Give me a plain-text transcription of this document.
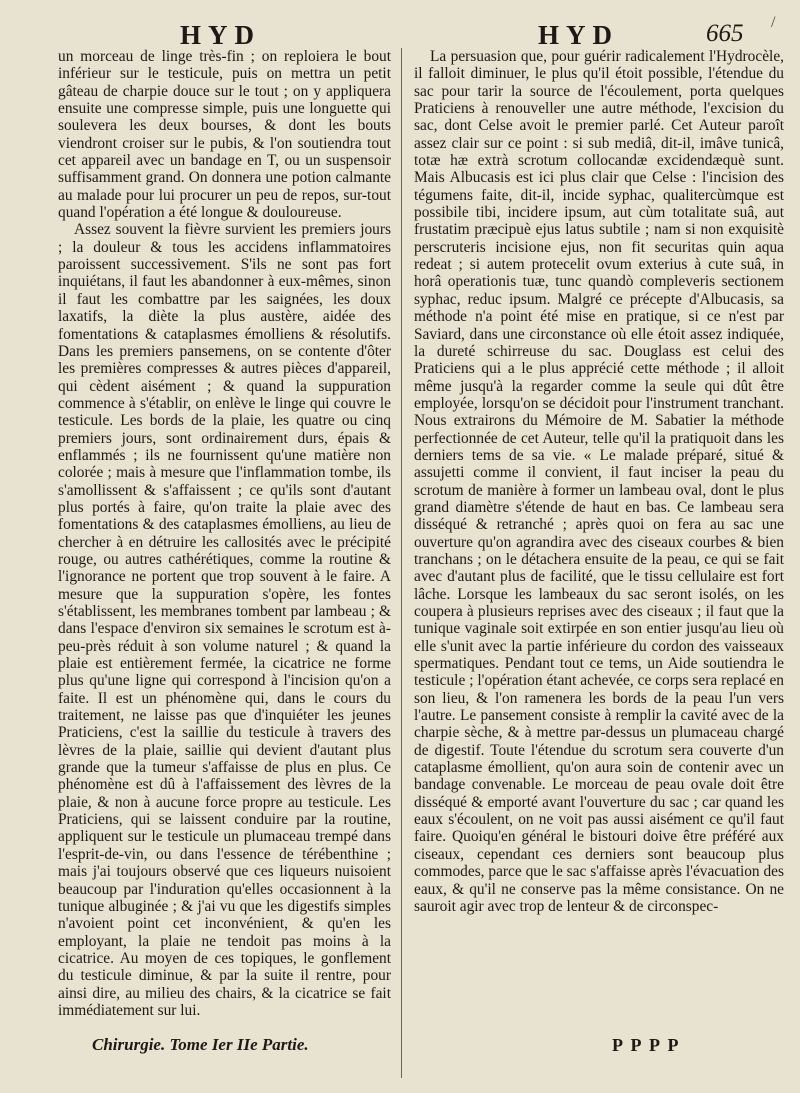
HYD	HYD	665 /

un morceau de linge très-fin ; on reploiera le bout inférieur sur le testicule, puis on mettra un petit gâteau de charpie douce sur le tout ; on y appliquera ensuite une compresse simple, puis une longuette qui soulevera les deux bourses, & dont les bouts viendront croiser sur le pubis, & l'on soutiendra tout cet appareil avec un bandage en T, ou un suspensoir suffisamment grand. On donnera une potion calmante au malade pour lui procurer un peu de repos, sur-tout quand l'opération a été longue & douloureuse.

Assez souvent la fièvre survient les premiers jours ; la douleur & tous les accidens inflammatoires paroissent successivement. S'ils ne sont pas fort inquiétans, il faut les abandonner à eux-mêmes, sinon il faut les combattre par les saignées, les doux laxatifs, la diète la plus austère, aidée des fomentations & cataplasmes émolliens & résolutifs. Dans les premiers pansemens, on se contente d'ôter les premières compresses & autres pièces d'appareil, qui cèdent aisément ; & quand la suppuration commence à s'établir, on enlève le linge qui couvre le testicule. Les bords de la plaie, les quatre ou cinq premiers jours, sont ordinairement durs, épais & enflammés ; ils ne fournissent qu'une matière non colorée ; mais à mesure que l'inflammation tombe, ils s'amollissent & s'affaissent ; ce qu'ils sont d'autant plus portés à faire, qu'on traite la plaie avec des fomentations & des cataplasmes émolliens, au lieu de chercher à en détruire les callosités avec le précipité rouge, ou autres cathérétiques, comme la routine & l'ignorance ne portent que trop souvent à le faire. A mesure que la suppuration s'opère, les fontes s'établissent, les membranes tombent par lambeau ; & dans l'espace d'environ six semaines le scrotum est à-peu-près réduit à son volume naturel ; & quand la plaie est entièrement fermée, la cicatrice ne forme plus qu'une ligne qui correspond à l'incision qu'on a faite. Il est un phénomène qui, dans le cours du traitement, ne laisse pas que d'inquiéter les jeunes Praticiens, c'est la saillie du testicule à travers des lèvres de la plaie, saillie qui devient d'autant plus grande que la tumeur s'affaisse de plus en plus. Ce phénomène est dû à l'affaissement des lèvres de la plaie, & non à aucune force propre au testicule. Les Praticiens, qui se laissent conduire par la routine, appliquent sur le testicule un plumaceau trempé dans l'esprit-de-vin, ou dans l'essence de térébenthine ; mais j'ai toujours observé que ces liqueurs nuisoient beaucoup par l'induration qu'elles occasionnent à la tunique albuginée ; & j'ai vu que les digestifs simples n'avoient point cet inconvénient, & qu'en les employant, la plaie ne tendoit pas moins à la cicatrice. Au moyen de ces topiques, le gonflement du testicule diminue, & par la suite il rentre, pour ainsi dire, au milieu des chairs, & la cicatrice se fait immédiatement sur lui.

La persuasion que, pour guérir radicalement l'Hydrocèle, il falloit diminuer, le plus qu'il étoit possible, l'étendue du sac pour tarir la source de l'écoulement, porta quelques Praticiens à renouveller une autre méthode, l'excision du sac, dont Celse avoit le premier parlé. Cet Auteur paroît assez clair sur ce point : si sub mediâ, dit-il, imâve tunicâ, totæ hæ extrà scrotum collocandæ excidendæquè sunt. Mais Albucasis est ici plus clair que Celse : l'incision des tégumens faite, dit-il, incide syphac, qualitercùmque est possibile tibi, incidere ipsum, aut cùm totalitate suâ, aut frustatim præcipuè ejus latus subtile ; nam si non exquisitè perscruteris incisione ejus, non fit securitas quin aqua redeat ; si autem protecelit ovum exterius à cute suâ, in horâ operationis tuæ, tunc quandò compleveris sectionem syphac, reduc ipsum. Malgré ce précepte d'Albucasis, sa méthode n'a point été mise en pratique, si ce n'est par Saviard, dans une circonstance où elle étoit assez indiquée, la dureté schirreuse du sac. Douglass est celui des Praticiens qui a le plus apprécié cette méthode ; il alloit même jusqu'à la regarder comme la seule qui dût être employée, lorsqu'on se décidoit pour l'instrument tranchant. Nous extrairons du Mémoire de M. Sabatier la méthode perfectionnée de cet Auteur, telle qu'il la pratiquoit dans les derniers tems de sa vie. « Le malade préparé, situé & assujetti comme il convient, il faut inciser la peau du scrotum de manière à former un lambeau oval, dont le plus grand diamètre s'étende de haut en bas. Ce lambeau sera disséqué & retranché ; après quoi on fera au sac une ouverture qu'on agrandira avec des ciseaux courbes & bien tranchans ; on le détachera ensuite de la peau, ce qui se fait avec d'autant plus de facilité, que le tissu cellulaire est fort lâche. Lorsque les lambeaux du sac seront isolés, on les coupera à plusieurs reprises avec des ciseaux ; il faut que la tunique vaginale soit extirpée en son entier jusqu'au lieu où elle s'unit avec la partie inférieure du cordon des vaisseaux spermatiques. Pendant tout ce tems, un Aide soutiendra le testicule ; l'opération étant achevée, ce corps sera replacé en son lieu, & l'on ramenera les bords de la peau l'un vers l'autre. Le pansement consiste à remplir la cavité avec de la charpie sèche, & à mettre par-dessus un plumaceau chargé de digestif. Toute l'étendue du scrotum sera couverte d'un cataplasme émollient, qu'on aura soin de contenir avec un bandage convenable. Le morceau de peau ovale doit être disséqué & emporté avant l'ouverture du sac ; car quand les eaux s'écoulent, on ne voit pas aussi aisément ce qu'il faut faire. Quoiqu'en général le bistouri doive être préféré aux ciseaux, cependant ces derniers sont beaucoup plus commodes, parce que le sac s'affaisse après l'évacuation des eaux, & qu'il ne conserve pas la même consistance. On ne sauroit agir avec trop de lenteur & de circonspec-

Chirurgie. Tome Ier IIe Partie.	P P P P
